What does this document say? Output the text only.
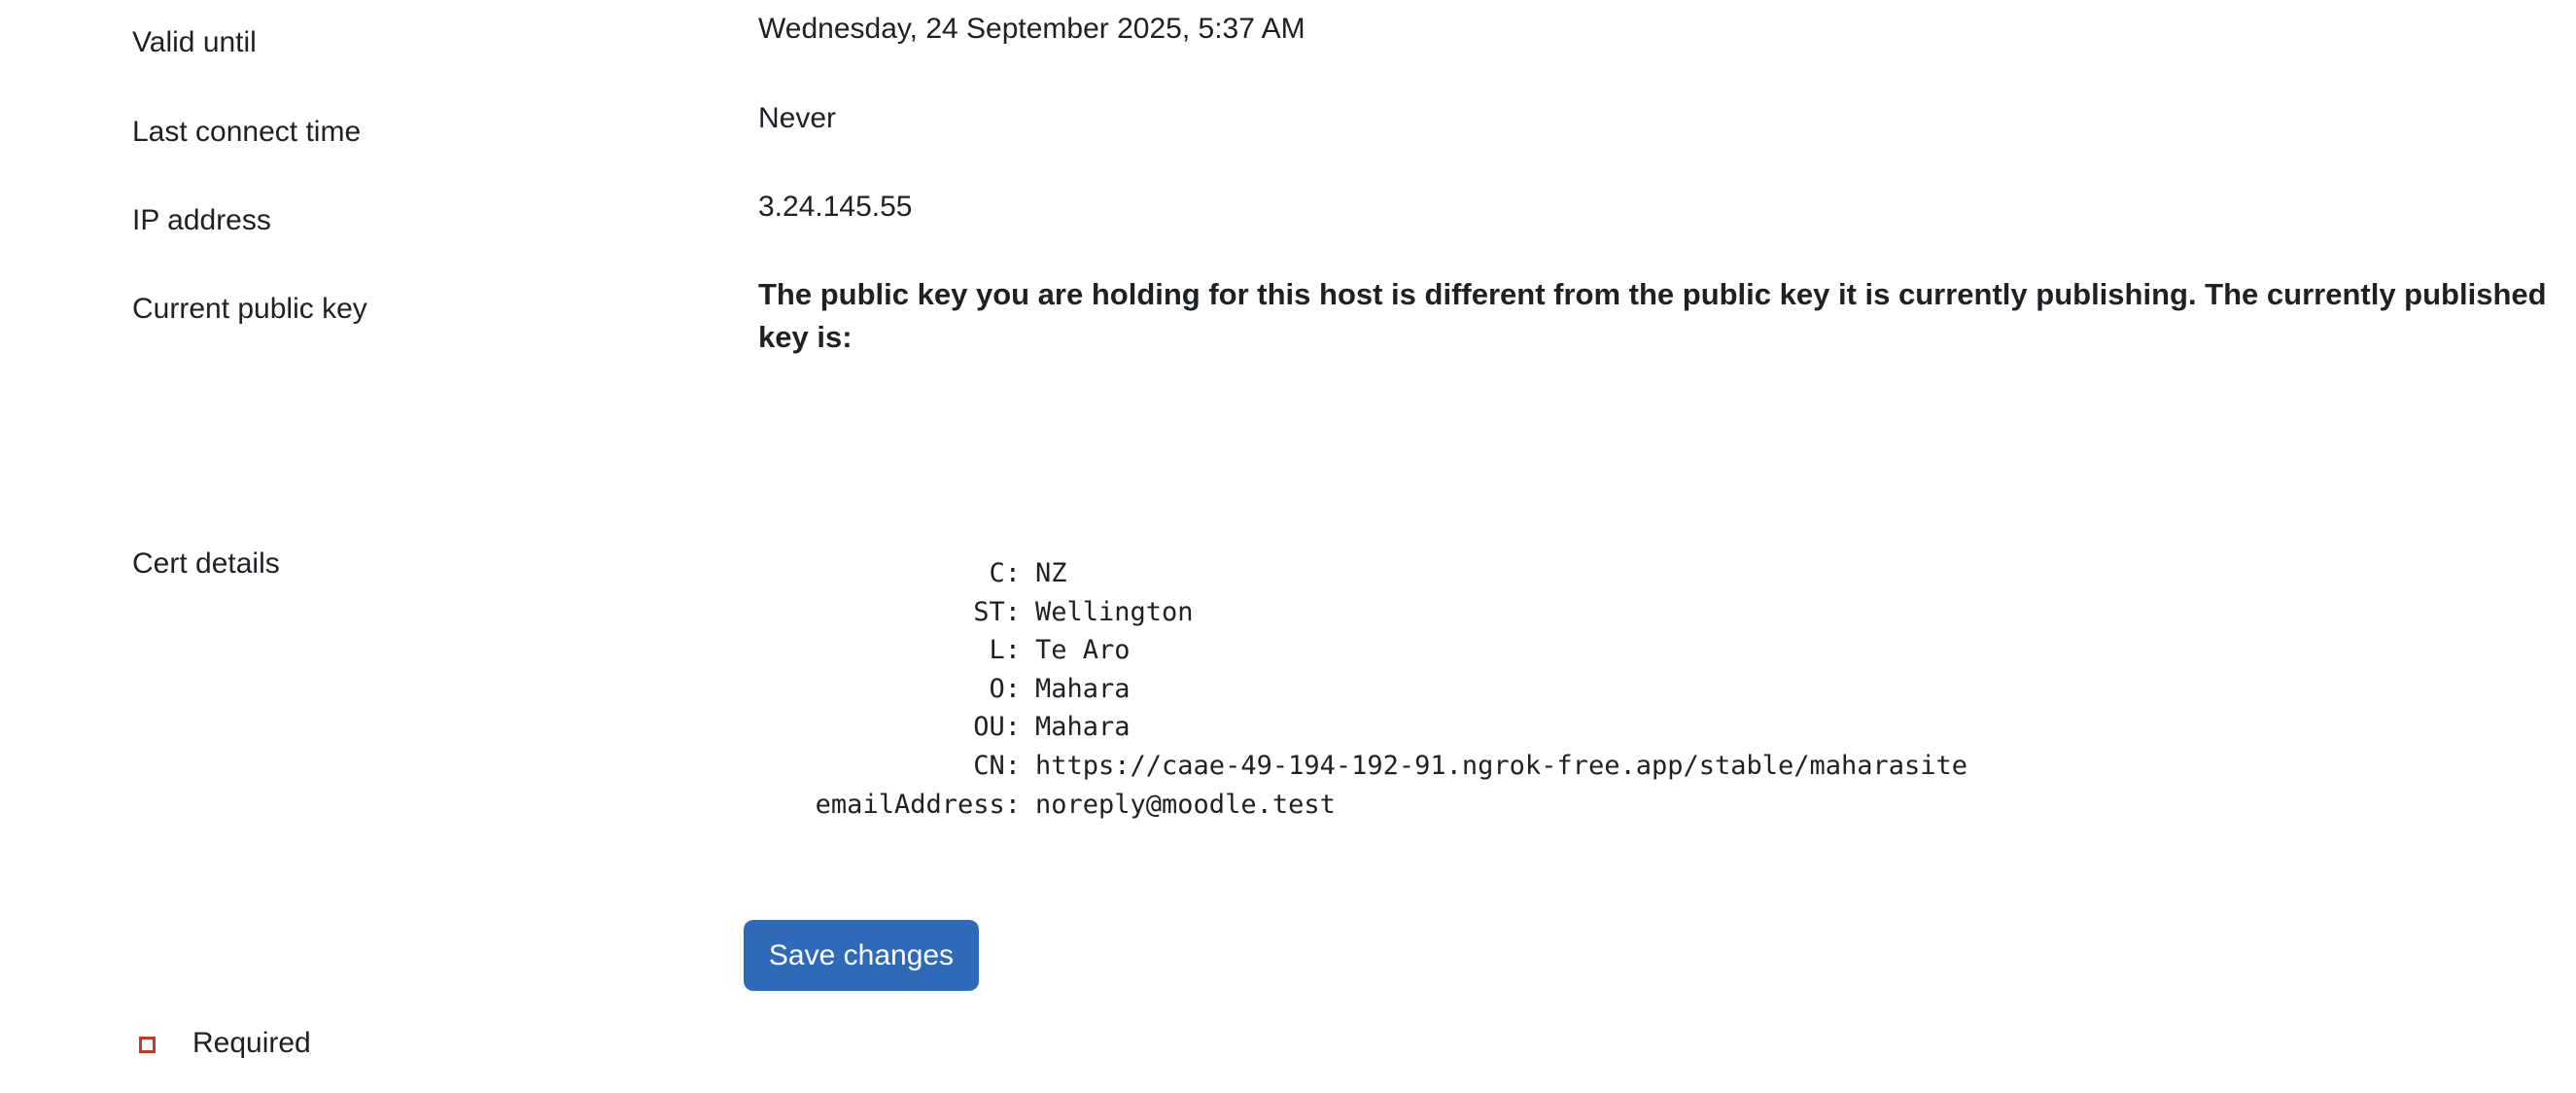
Valid until	Wednesday, 24 September 2025, 5:37 AM
Last connect time	Never
IP address	3.24.145.55
Current public key	The public key you are holding for this host is different from the public key it is currently publishing. The currently published key is:
Cert details	C: NZ
ST: Wellington
L: Te Aro
O: Mahara
OU: Mahara
CN: https://caae-49-194-192-91.ngrok-free.app/stable/maharasite
emailAddress: noreply@moodle.test
Save changes
Required
